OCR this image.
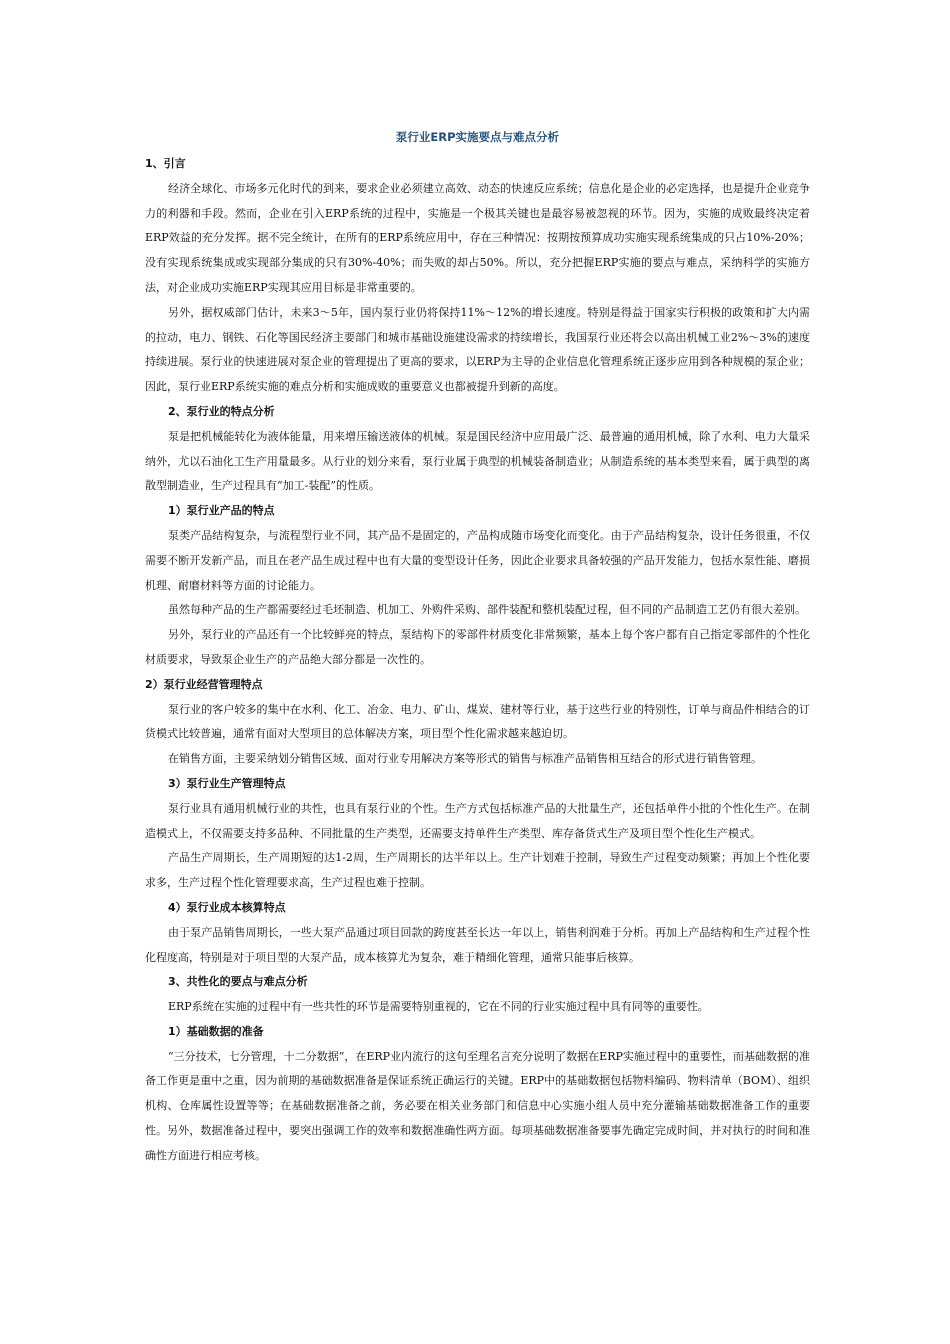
泵行业ERP实施要点与难点分析
1、引言
经济全球化、市场多元化时代的到来，要求企业必须建立高效、动态的快速反应系统；信息化是企业的必定选择，也是提升企业竞争力的利器和手段。然而，企业在引入ERP系统的过程中，实施是一个极其关键也是最容易被忽视的环节。因为，实施的成败最终决定着ERP效益的充分发挥。据不完全统计，在所有的ERP系统应用中，存在三种情况：按期按预算成功实施实现系统集成的只占10%-20%；没有实现系统集成或实现部分集成的只有30%-40%；而失败的却占50%。所以，充分把握ERP实施的要点与难点，采纳科学的实施方法，对企业成功实施ERP实现其应用目标是非常重要的。
另外，据权威部门估计，未来3～5年，国内泵行业仍将保持11%～12%的增长速度。特别是得益于国家实行积极的政策和扩大内需的拉动，电力、钢铁、石化等国民经济主要部门和城市基础设施建设需求的持续增长，我国泵行业还将会以高出机械工业2%～3%的速度持续进展。泵行业的快速进展对泵企业的管理提出了更高的要求，以ERP为主导的企业信息化管理系统正逐步应用到各种规模的泵企业；因此，泵行业ERP系统实施的难点分析和实施成败的重要意义也都被提升到新的高度。
2、泵行业的特点分析
泵是把机械能转化为液体能量，用来增压输送液体的机械。泵是国民经济中应用最广泛、最普遍的通用机械，除了水利、电力大量采纳外，尤以石油化工生产用量最多。从行业的划分来看，泵行业属于典型的机械装备制造业；从制造系统的基本类型来看，属于典型的离散型制造业，生产过程具有“加工-装配”的性质。
1）泵行业产品的特点
泵类产品结构复杂，与流程型行业不同，其产品不是固定的，产品构成随市场变化而变化。由于产品结构复杂，设计任务很重，不仅需要不断开发新产品，而且在老产品生成过程中也有大量的变型设计任务，因此企业要求具备较强的产品开发能力，包括水泵性能、磨损机理、耐磨材料等方面的讨论能力。
虽然每种产品的生产都需要经过毛坯制造、机加工、外购件采购、部件装配和整机装配过程，但不同的产品制造工艺仍有很大差别。
另外，泵行业的产品还有一个比较鲜亮的特点，泵结构下的零部件材质变化非常频繁，基本上每个客户都有自己指定零部件的个性化材质要求，导致泵企业生产的产品绝大部分都是一次性的。
2）泵行业经营管理特点
泵行业的客户较多的集中在水利、化工、冶金、电力、矿山、煤炭、建材等行业，基于这些行业的特别性，订单与商品件相结合的订货模式比较普遍，通常有面对大型项目的总体解决方案，项目型个性化需求越来越迫切。
在销售方面，主要采纳划分销售区域、面对行业专用解决方案等形式的销售与标准产品销售相互结合的形式进行销售管理。
3）泵行业生产管理特点
泵行业具有通用机械行业的共性，也具有泵行业的个性。生产方式包括标准产品的大批量生产，还包括单件小批的个性化生产。在制造模式上，不仅需要支持多品种、不同批量的生产类型，还需要支持单件生产类型、库存备货式生产及项目型个性化生产模式。
产品生产周期长，生产周期短的达1-2周，生产周期长的达半年以上。生产计划难于控制，导致生产过程变动频繁；再加上个性化要求多，生产过程个性化管理要求高，生产过程也难于控制。
4）泵行业成本核算特点
由于泵产品销售周期长，一些大泵产品通过项目回款的跨度甚至长达一年以上，销售利润难于分析。再加上产品结构和生产过程个性化程度高，特别是对于项目型的大泵产品，成本核算尤为复杂，难于精细化管理，通常只能事后核算。
3、共性化的要点与难点分析
ERP系统在实施的过程中有一些共性的环节是需要特别重视的，它在不同的行业实施过程中具有同等的重要性。
1）基础数据的准备
“三分技术，七分管理，十二分数据”，在ERP业内流行的这句至理名言充分说明了数据在ERP实施过程中的重要性，而基础数据的准备工作更是重中之重，因为前期的基础数据准备是保证系统正确运行的关键。ERP中的基础数据包括物料编码、物料清单（BOM）、组织机构、仓库属性设置等等；在基础数据准备之前，务必要在相关业务部门和信息中心实施小组人员中充分灌输基础数据准备工作的重要性。另外，数据准备过程中，要突出强调工作的效率和数据准确性两方面。每项基础数据准备要事先确定完成时间，并对执行的时间和准确性方面进行相应考核。
